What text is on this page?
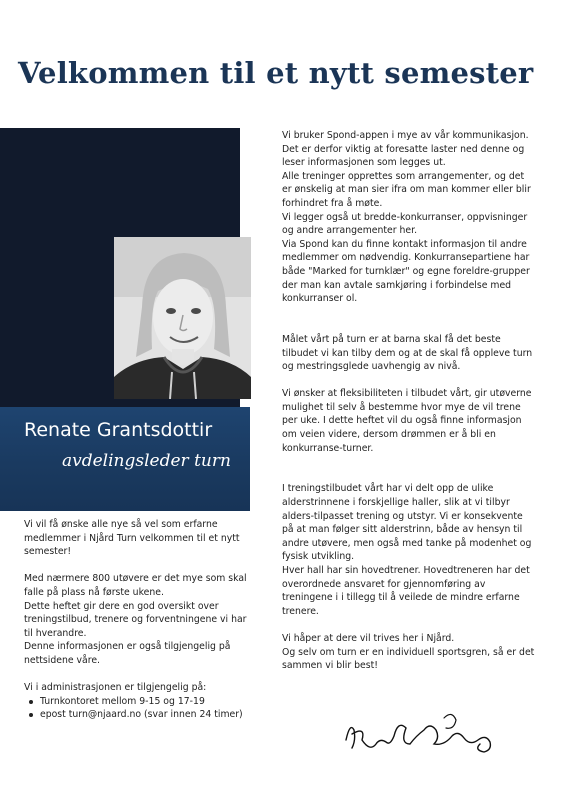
Velkommen til et nytt semester
Renate Grantsdottir
avdelingsleder turn

Vi vil få ønske alle nye så vel som erfarne

medlemmer i Njård Turn velkommen til et nytt

semester!

Med nærmere 800 utøvere er det mye som skal

falle på plass nå første ukene.

Dette heftet gir dere en god oversikt over

treningstilbud, trenere og forventningene vi har

til hverandre.

Denne informasjonen er også tilgjengelig på

nettsidene våre.

Vi i administrasjonen er tilgjengelig på:

Turnkontoret mellom 9-15 og 17-19
epost turn@njaard.no (svar innen 24 timer)

Vi bruker Spond-appen i mye av vår kommunikasjon.

Det er derfor viktig at foresatte laster ned denne og

leser informasjonen som legges ut.

Alle treninger opprettes som arrangementer, og det

er ønskelig at man sier ifra om man kommer eller blir

forhindret fra å møte.

Vi legger også ut bredde-konkurranser, oppvisninger

og andre arrangementer her.

Via Spond kan du finne kontakt informasjon til andre

medlemmer om nødvendig. Konkurransepartiene har

både "Marked for turnklær" og egne foreldre-grupper

der man kan avtale samkjøring i forbindelse med

konkurranser ol.

Målet vårt på turn er at barna skal få det beste

tilbudet vi kan tilby dem og at de skal få oppleve turn

og mestringsglede uavhengig av nivå.

Vi ønsker at fleksibiliteten i tilbudet vårt, gir utøverne

mulighet til selv å bestemme hvor mye de vil trene

per uke. I dette heftet vil du også finne informasjon

om veien videre, dersom drømmen er å bli en

konkurranse-turner.

I treningstilbudet vårt har vi delt opp de ulike

alderstrinnene i forskjellige haller, slik at vi tilbyr

alders-tilpasset trening og utstyr. Vi er konsekvente

på at man følger sitt alderstrinn, både av hensyn til

andre utøvere, men også med tanke på modenhet og

fysisk utvikling.

Hver hall har sin hovedtrener. Hovedtreneren har det

overordnede ansvaret for gjennomføring av

treningene i i tillegg til å veilede de mindre erfarne

trenere.

Vi håper at dere vil trives her i Njård.

Og selv om turn er en individuell sportsgren, så er det

sammen vi blir best!
